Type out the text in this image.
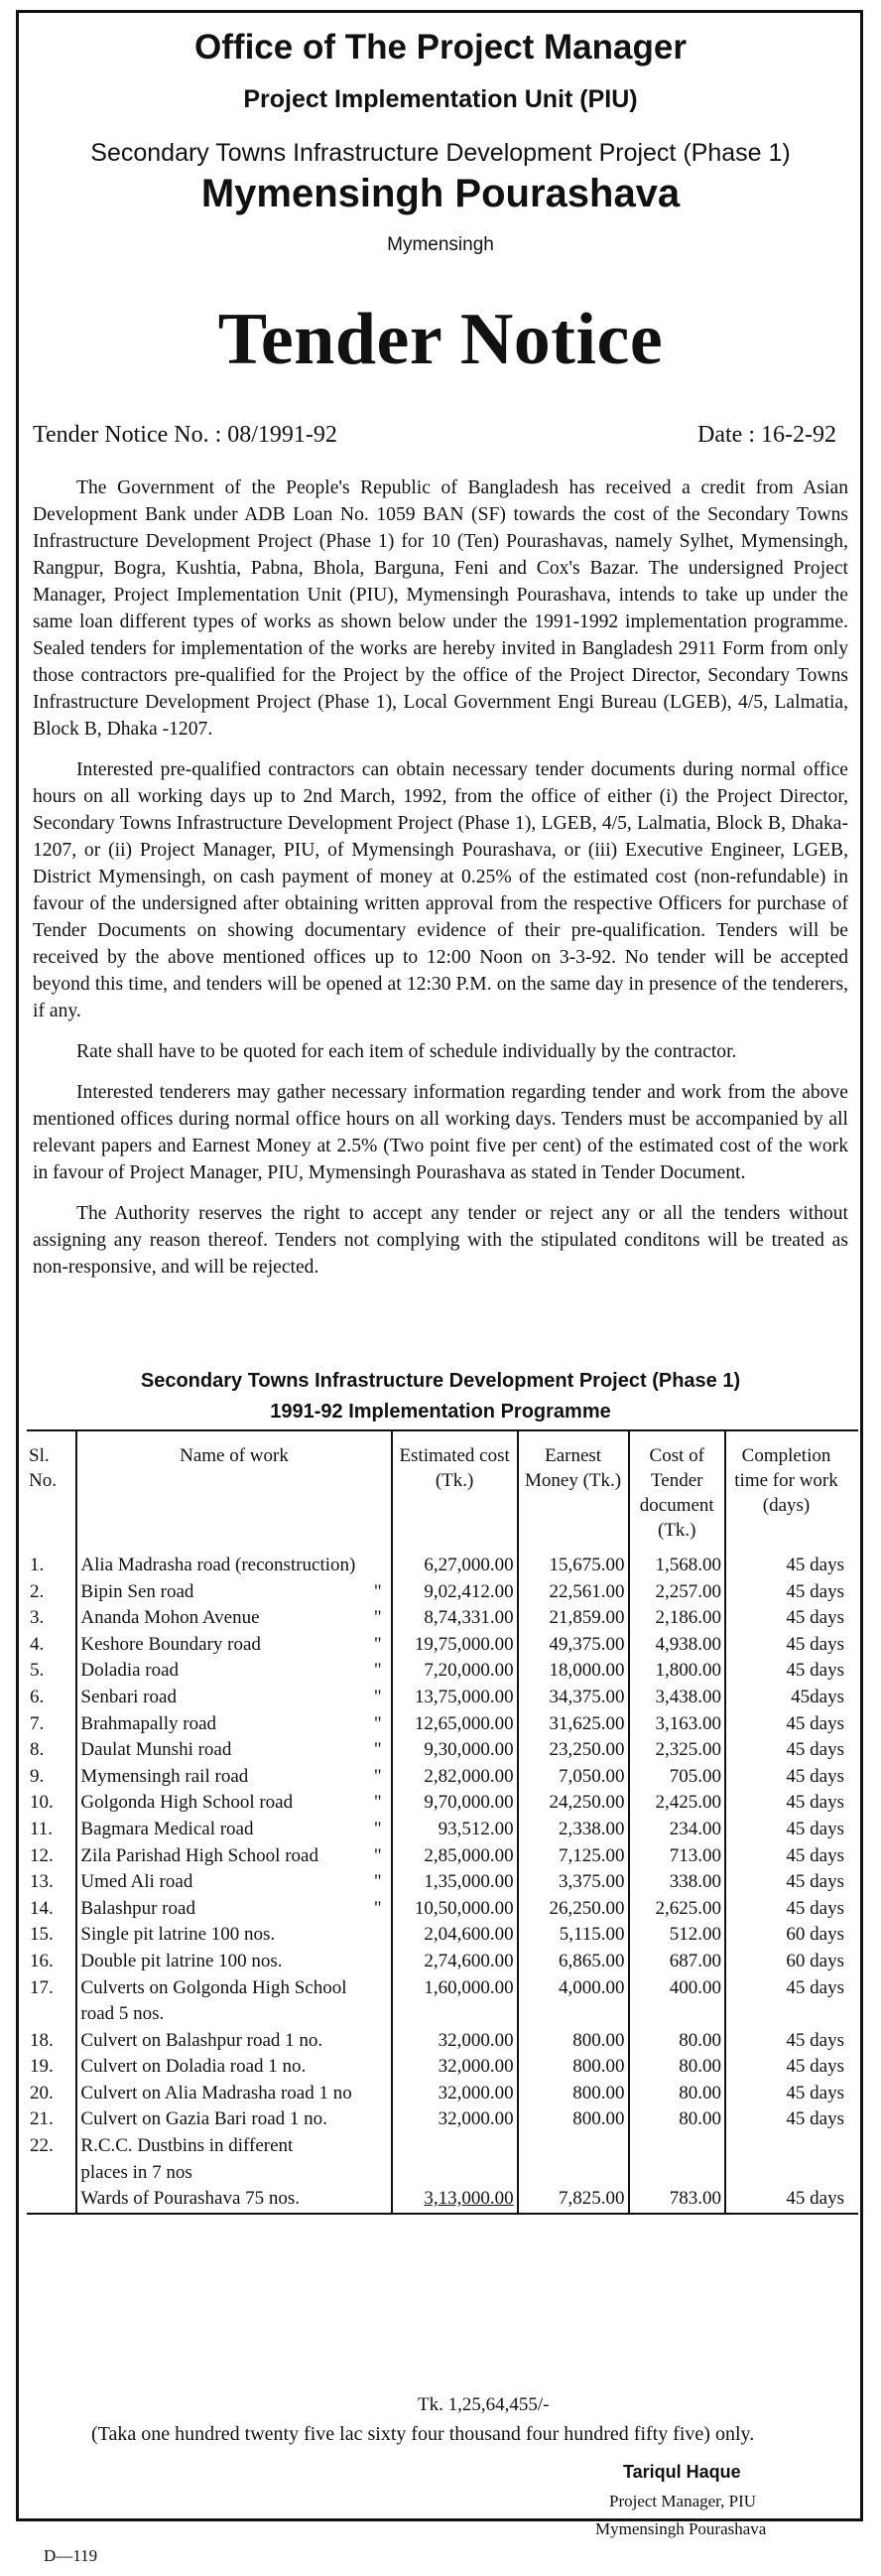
Office of The Project Manager
Project Implementation Unit (PIU)
Secondary Towns Infrastructure Development Project (Phase 1)
Mymensingh Pourashava
Mymensingh
Tender Notice
Tender Notice No. : 08/1991-92	Date : 16-2-92

The Government of the People's Republic of Bangladesh has received a credit from Asian Development Bank under ADB Loan No. 1059 BAN (SF) towards the cost of the Secondary Towns Infrastructure Development Project (Phase 1) for 10 (Ten) Pourashavas, namely Sylhet, Mymensingh, Rangpur, Bogra, Kushtia, Pabna, Bhola, Barguna, Feni and Cox's Bazar. The undersigned Project Manager, Project Implementation Unit (PIU), Mymensingh Pourashava, intends to take up under the same loan different types of works as shown below under the 1991-1992 implementation programme. Sealed tenders for implementation of the works are hereby invited in Bangladesh 2911 Form from only those contractors pre-qualified for the Project by the office of the Project Director, Secondary Towns Infrastructure Development Project (Phase 1), Local Government Engi Bureau (LGEB), 4/5, Lalmatia, Block B, Dhaka -1207.

Interested pre-qualified contractors can obtain necessary tender documents during normal office hours on all working days up to 2nd March, 1992, from the office of either (i) the Project Director, Secondary Towns Infrastructure Development Project (Phase 1), LGEB, 4/5, Lalmatia, Block B, Dhaka-1207, or (ii) Project Manager, PIU, of Mymensingh Pourashava, or (iii) Executive Engineer, LGEB, District Mymensingh, on cash payment of money at 0.25% of the estimated cost (non-refundable) in favour of the undersigned after obtaining written approval from the respective Officers for purchase of Tender Documents on showing documentary evidence of their pre-qualification. Tenders will be received by the above mentioned offices up to 12:00 Noon on 3-3-92. No tender will be accepted beyond this time, and tenders will be opened at 12:30 P.M. on the same day in presence of the tenderers, if any.

Rate shall have to be quoted for each item of schedule individually by the contractor.

Interested tenderers may gather necessary information regarding tender and work from the above mentioned offices during normal office hours on all working days. Tenders must be accompanied by all relevant papers and Earnest Money at 2.5% (Two point five per cent) of the estimated cost of the work in favour of Project Manager, PIU, Mymensingh Pourashava as stated in Tender Document.

The Authority reserves the right to accept any tender or reject any or all the tenders without assigning any reason thereof. Tenders not complying with the stipulated conditons will be treated as non-responsive, and will be rejected.

Secondary Towns Infrastructure Development Project (Phase 1)
1991-92 Implementation Programme
Sl. No.	Name of work	Estimated cost (Tk.)	Earnest Money (Tk.)	Cost of Tender document (Tk.)	Completion time for work (days)
1.	Alia Madrasha road (reconstruction)	6,27,000.00	15,675.00	1,568.00	45 days
2.	Bipin Sen road "	9,02,412.00	22,561.00	2,257.00	45 days
3.	Ananda Mohon Avenue "	8,74,331.00	21,859.00	2,186.00	45 days
4.	Keshore Boundary road "	19,75,000.00	49,375.00	4,938.00	45 days
5.	Doladia road "	7,20,000.00	18,000.00	1,800.00	45 days
6.	Senbari road "	13,75,000.00	34,375.00	3,438.00	45days
7.	Brahmapally road "	12,65,000.00	31,625.00	3,163.00	45 days
8.	Daulat Munshi road "	9,30,000.00	23,250.00	2,325.00	45 days
9.	Mymensingh rail road "	2,82,000.00	7,050.00	705.00	45 days
10.	Golgonda High School road "	9,70,000.00	24,250.00	2,425.00	45 days
11.	Bagmara Medical road "	93,512.00	2,338.00	234.00	45 days
12.	Zila Parishad High School road "	2,85,000.00	7,125.00	713.00	45 days
13.	Umed Ali road "	1,35,000.00	3,375.00	338.00	45 days
14.	Balashpur road "	10,50,000.00	26,250.00	2,625.00	45 days
15.	Single pit latrine 100 nos.	2,04,600.00	5,115.00	512.00	60 days
16.	Double pit latrine 100 nos.	2,74,600.00	6,865.00	687.00	60 days
17.	Culverts on Golgonda High School	1,60,000.00	4,000.00	400.00	45 days
	road 5 nos.				
18.	Culvert on Balashpur road 1 no.	32,000.00	800.00	80.00	45 days
19.	Culvert on Doladia road 1 no.	32,000.00	800.00	80.00	45 days
20.	Culvert on Alia Madrasha road 1 no	32,000.00	800.00	80.00	45 days
21.	Culvert on Gazia Bari road 1 no.	32,000.00	800.00	80.00	45 days
22.	R.C.C. Dustbins in different				
	places in 7 nos				
	Wards of Pourashava 75 nos.	3,13,000.00	7,825.00	783.00	45 days
Tk. 1,25,64,455/-
(Taka one hundred twenty five lac sixty four thousand four hundred fifty five) only.
Tariqul Haque
Project Manager, PIU
Mymensingh Pourashava
D—119
